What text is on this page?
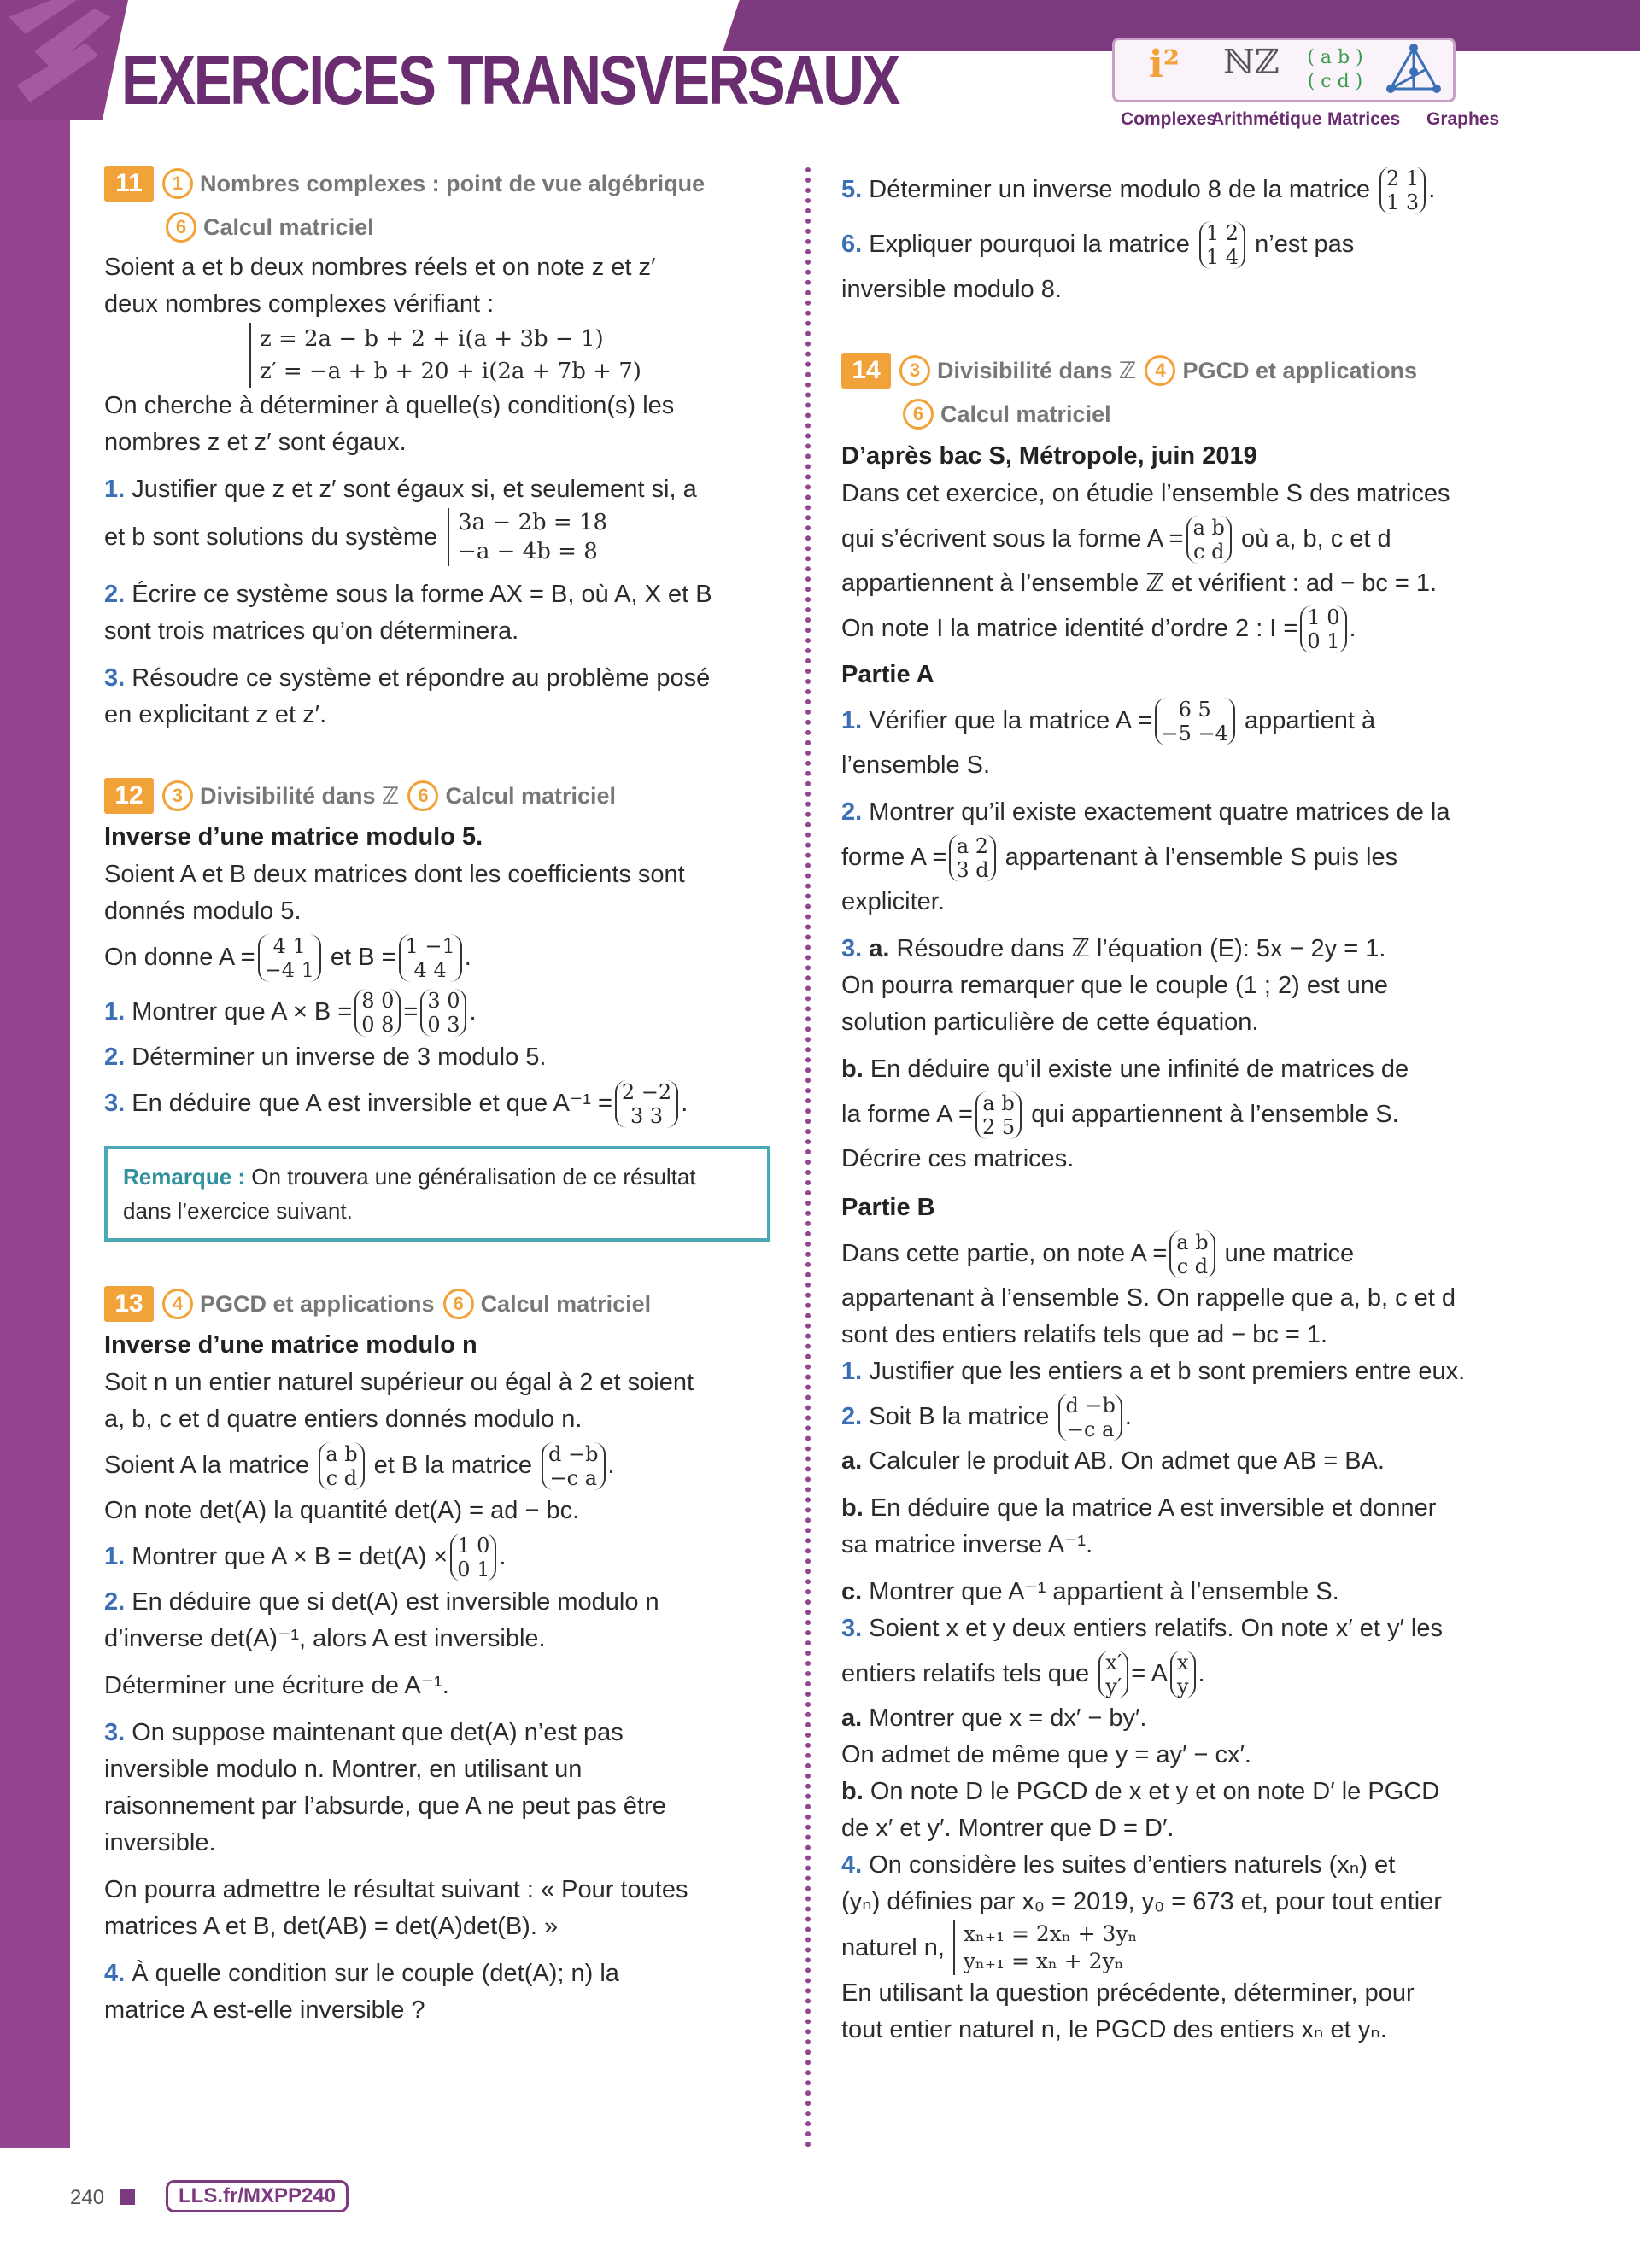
EXERCICES TRANSVERSAUX	i²	ℕℤ	( a b )
( c d )
Complexes
Arithmétique Matrices Graphes
11	1 Nombres complexes : point de vue algébrique
6 Calcul matriciel

Soient a et b deux nombres réels et on note z et z′

deux nombres complexes vérifiant :

z = 2a − b + 2 + i(a + 3b − 1)
z′ = −a + b + 20 + i(2a + 7b + 7)

On cherche à déterminer à quelle(s) condition(s) les

nombres z et z′ sont égaux.

1. Justifier que z et z′ sont égaux si, et seulement si, a

et b sont solutions du système
3a − 2b = 18
−a − 4b = 8

2. Écrire ce système sous la forme AX = B, où A, X et B

sont trois matrices qu’on déterminera.

3. Résoudre ce système et répondre au problème posé

en explicitant z et z′.

12	3 Divisibilité dans ℤ 6 Calcul matriciel
Inverse d’une matrice modulo 5.

Soient A et B deux matrices dont les coefficients sont

donnés modulo 5.

On donne A = 4 1
−4 1 et B = 1 −1
4 4 .

1. Montrer que A × B = 8 0
0 8 = 3 0
0 3 .

2. Déterminer un inverse de 3 modulo 5.

3. En déduire que A est inversible et que A⁻¹ = 2 −2
3 3 .

Remarque : On trouvera une généralisation de ce résultat
dans l’exercice suivant.
13	4 PGCD et applications 6 Calcul matriciel
Inverse d’une matrice modulo n

Soit n un entier naturel supérieur ou égal à 2 et soient

a, b, c et d quatre entiers donnés modulo n.

Soient A la matrice a b
c d et B la matrice d −b
−c a .

On note det(A) la quantité det(A) = ad − bc.

1. Montrer que A × B = det(A) × 1 0
0 1 .

2. En déduire que si det(A) est inversible modulo n

d’inverse det(A)⁻¹, alors A est inversible.

Déterminer une écriture de A⁻¹.

3. On suppose maintenant que det(A) n’est pas

inversible modulo n. Montrer, en utilisant un

raisonnement par l’absurde, que A ne peut pas être

inversible.

On pourra admettre le résultat suivant : « Pour toutes

matrices A et B, det(AB) = det(A)det(B). »

4. À quelle condition sur le couple (det(A); n) la

matrice A est-elle inversible ?

5. Déterminer un inverse modulo 8 de la matrice 2 1
1 3 .

6. Expliquer pourquoi la matrice 1 2
1 4 n’est pas

inversible modulo 8.

14	3 Divisibilité dans ℤ 4 PGCD et applications
6 Calcul matriciel
D’après bac S, Métropole, juin 2019

Dans cet exercice, on étudie l’ensemble S des matrices

qui s’écrivent sous la forme A = a b
c d où a, b, c et d

appartiennent à l’ensemble ℤ et vérifient : ad − bc = 1.

On note I la matrice identité d’ordre 2 : I = 1 0
0 1 .

Partie A

1. Vérifier que la matrice A =	6 5
−5 −4 appartient à

l’ensemble S.

2. Montrer qu’il existe exactement quatre matrices de la

forme A = a 2
3 d appartenant à l’ensemble S puis les

expliciter.

3. a. Résoudre dans ℤ l’équation (E): 5x − 2y = 1.

On pourra remarquer que le couple (1 ; 2) est une

solution particulière de cette équation.

b. En déduire qu’il existe une infinité de matrices de

la forme A = a b
2 5 qui appartiennent à l’ensemble S.

Décrire ces matrices.

Partie B

Dans cette partie, on note A = a b
c d une matrice

appartenant à l’ensemble S. On rappelle que a, b, c et d

sont des entiers relatifs tels que ad − bc = 1.

1. Justifier que les entiers a et b sont premiers entre eux.

2. Soit B la matrice d −b
−c a .

a. Calculer le produit AB. On admet que AB = BA.

b. En déduire que la matrice A est inversible et donner

sa matrice inverse A⁻¹.

c. Montrer que A⁻¹ appartient à l’ensemble S.

3. Soient x et y deux entiers relatifs. On note x′ et y′ les

entiers relatifs tels que x′
y′ = A x
y .

a. Montrer que x = dx′ − by′.

On admet de même que y = ay′ − cx′.

b. On note D le PGCD de x et y et on note D′ le PGCD

de x′ et y′. Montrer que D = D′.

4. On considère les suites d’entiers naturels (xₙ) et

(yₙ) définies par x₀ = 2019, y₀ = 673 et, pour tout entier

naturel n, xₙ₊₁ = 2xₙ + 3yₙ
yₙ₊₁ = xₙ + 2yₙ

En utilisant la question précédente, déterminer, pour

tout entier naturel n, le PGCD des entiers xₙ et yₙ.

240	LLS.fr/MXPP240
